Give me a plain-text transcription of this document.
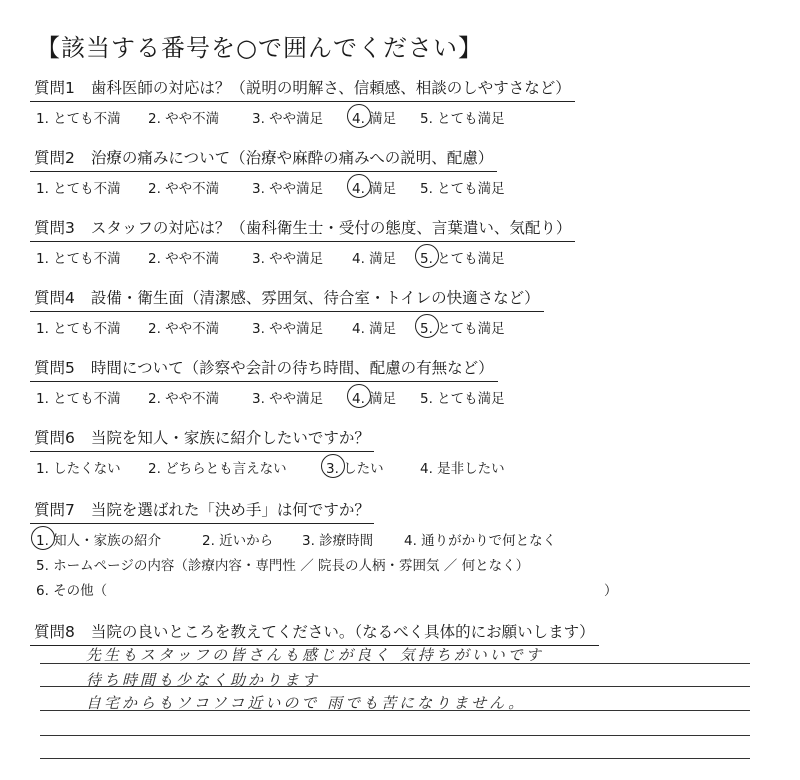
【該当する番号を○で囲んでください】
質問1 歯科医師の対応は？（説明の明解さ、信頼感、相談のしやすさなど）
1. とても不満 2. やや不満 3. やや満足 4. 満足 5. とても満足
質問2 治療の痛みについて（治療や麻酔の痛みへの説明、配慮）
1. とても不満 2. やや不満 3. やや満足 4. 満足 5. とても満足
質問3 スタッフの対応は？（歯科衛生士・受付の態度、言葉遣い、気配り）
1. とても不満 2. やや不満 3. やや満足 4. 満足 5. とても満足
質問4 設備・衛生面（清潔感、雰囲気、待合室・トイレの快適さなど）
1. とても不満 2. やや不満 3. やや満足 4. 満足 5. とても満足
質問5 時間について（診察や会計の待ち時間、配慮の有無など）
1. とても不満 2. やや不満 3. やや満足 4. 満足 5. とても満足
質問6 当院を知人・家族に紹介したいですか？
1. したくない 2. どちらとも言えない	3. したい	4. 是非したい
質問7 当院を選ばれた「決め手」は何ですか？
1. 知人・家族の紹介	2. 近いから 3. 診療時間 4. 通りがかりで何となく
5. ホームページの内容（診療内容・専門性 ／ 院長の人柄・雰囲気 ／ 何となく）
6. その他（	）
質問8 当院の良いところを教えてください。（なるべく具体的にお願いします）
先生もスタッフの皆さんも感じが良く 気持ちがいいです
待ち時間も少なく助かります
自宅からもソコソコ近いので 雨でも苦になりません。
